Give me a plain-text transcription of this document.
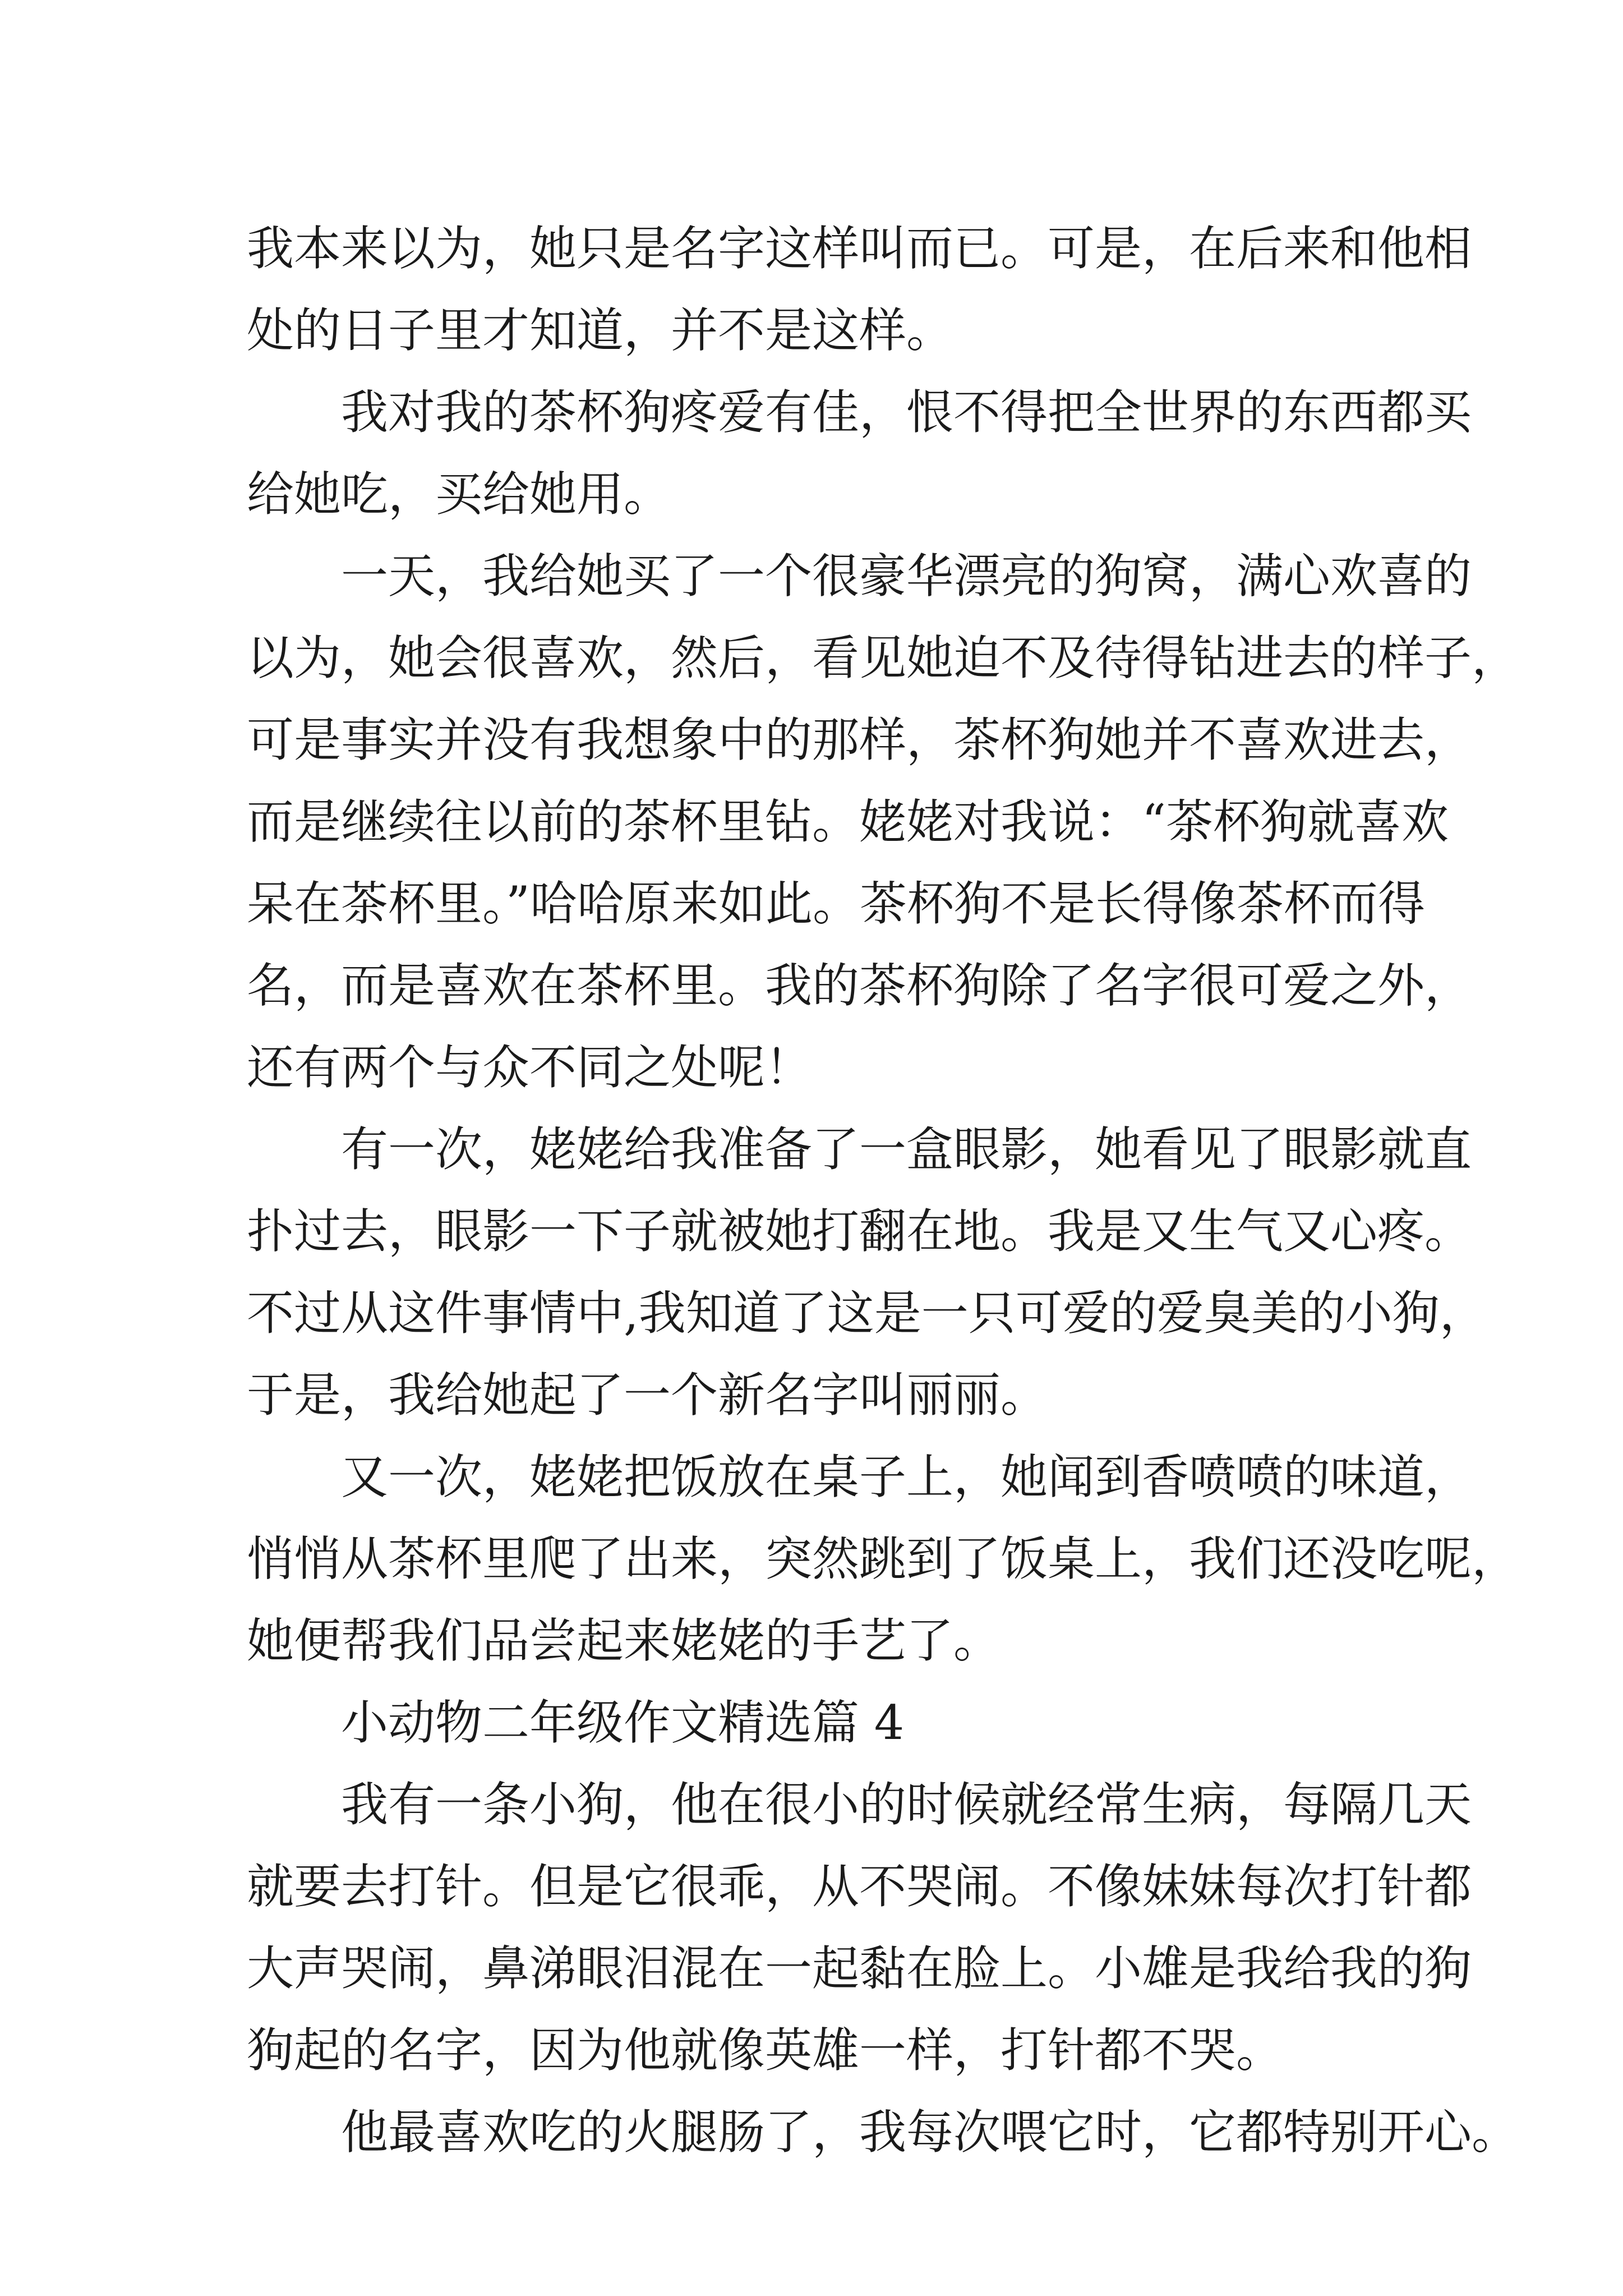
我本来以为，她只是名字这样叫而已。可是，在后来和他相
处的日子里才知道，并不是这样。
我对我的茶杯狗疼爱有佳，恨不得把全世界的东西都买
给她吃，买给她用。
一天，我给她买了一个很豪华漂亮的狗窝，满心欢喜的
以为，她会很喜欢，然后，看见她迫不及待得钻进去的样子，
可是事实并没有我想象中的那样，茶杯狗她并不喜欢进去，
而是继续往以前的茶杯里钻。姥姥对我说：“茶杯狗就喜欢
呆在茶杯里。”哈哈原来如此。茶杯狗不是长得像茶杯而得
名，而是喜欢在茶杯里。我的茶杯狗除了名字很可爱之外，
还有两个与众不同之处呢！
有一次，姥姥给我准备了一盒眼影，她看见了眼影就直
扑过去，眼影一下子就被她打翻在地。我是又生气又心疼。
不过从这件事情中,我知道了这是一只可爱的爱臭美的小狗，
于是，我给她起了一个新名字叫丽丽。
又一次，姥姥把饭放在桌子上，她闻到香喷喷的味道，
悄悄从茶杯里爬了出来，突然跳到了饭桌上，我们还没吃呢，
她便帮我们品尝起来姥姥的手艺了。
小动物二年级作文精选篇 4
我有一条小狗，他在很小的时候就经常生病，每隔几天
就要去打针。但是它很乖，从不哭闹。不像妹妹每次打针都
大声哭闹，鼻涕眼泪混在一起黏在脸上。小雄是我给我的狗
狗起的名字，因为他就像英雄一样，打针都不哭。
他最喜欢吃的火腿肠了，我每次喂它时，它都特别开心。
